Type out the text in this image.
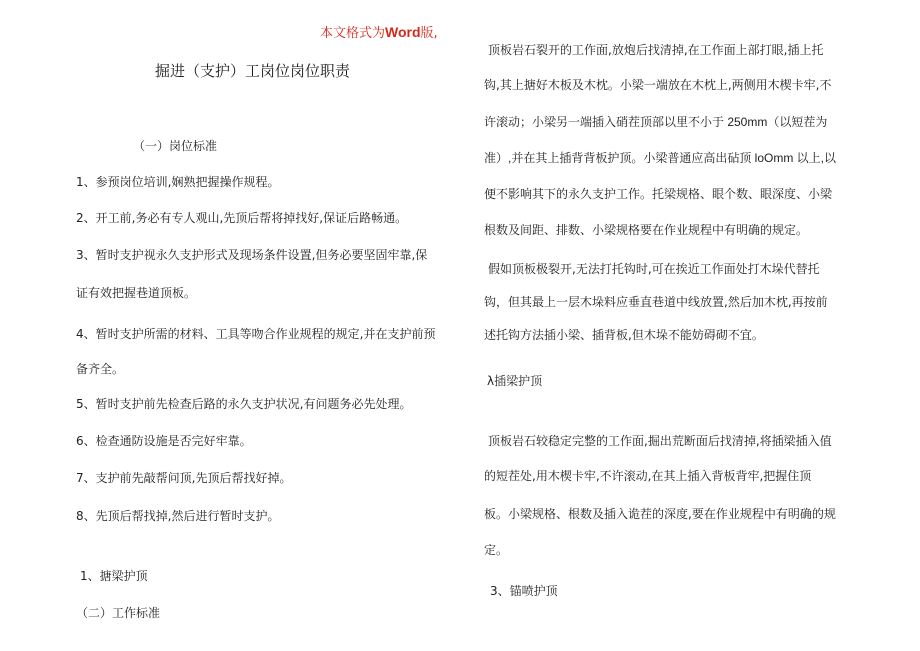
本文格式为Word版,
掘进（支护）工岗位岗位职责
（一）岗位标准
1、参预岗位培训,娴熟把握操作规程。
2、开工前,务必有专人观山,先顶后帮将掉找好,保证后路畅通。
3、暂时支护视永久支护形式及现场条件设置,但务必要坚固牢靠,保
证有效把握巷道顶板。
4、暂时支护所需的材料、工具等吻合作业规程的规定,并在支护前预
备齐全。
5、暂时支护前先检查后路的永久支护状况,有问题务必先处理。
6、检查通防设施是否完好牢靠。
7、支护前先敲帮问顶,先顶后帮找好掉。
8、先顶后帮找掉,然后进行暂时支护。
1、搪梁护顶
（二）工作标准
顶板岩石裂开的工作面,放炮后找清掉,在工作面上部打眼,插上托
钩,其上搪好木板及木枕。小梁一端放在木枕上,两侧用木楔卡牢,不
许滚动；小梁另一端插入硝茬顶部以里不小于 250mm（以短茬为
准）,并在其上插背背板护顶。小梁普通应高出砧顶 loOmm 以上,以
便不影响其下的永久支护工作。托梁规格、眼个数、眼深度、小梁
根数及间距、排数、小梁规格要在作业规程中有明确的规定。
假如顶板极裂开,无法打托钩时,可在挨近工作面处打木垛代替托
钩，但其最上一层木垛料应垂直巷道中线放置,然后加木枕,再按前
述托钩方法插小梁、插背板,但木垛不能妨碍砌不宜。
λ插梁护顶
顶板岩石较稳定完整的工作面,掘出荒断面后找清掉,将插梁插入值
的短茬处,用木楔卡牢,不许滚动,在其上插入背板背牢,把握住顶
板。小梁规格、根数及插入诡茬的深度,要在作业规程中有明确的规
定。
3、锚喷护顶
